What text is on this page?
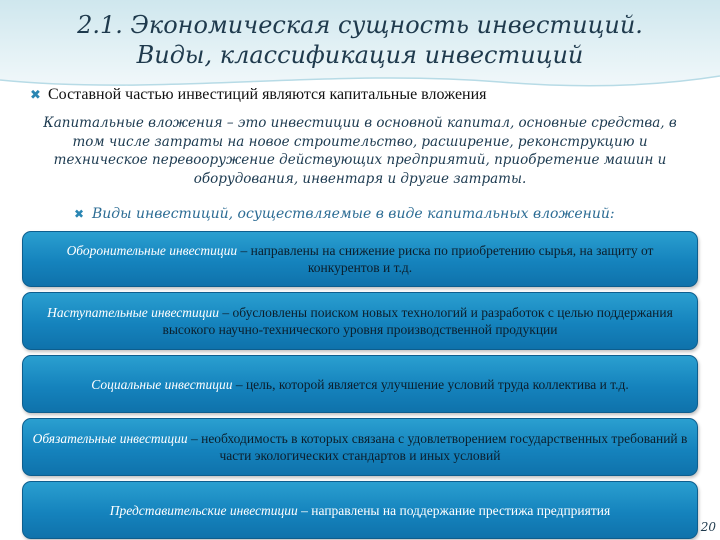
2.1. Экономическая сущность инвестиций.
Виды, классификация инвестиций
✖ Составной частью инвестиций являются капитальные вложения
Капитальные вложения – это инвестиции в основной капитал, основные средства, в том числе затраты на новое строительство, расширение, реконструкцию и техническое перевооружение действующих предприятий, приобретение машин и оборудования, инвентаря и другие затраты.
✖ Виды инвестиций, осуществляемые в виде капитальных вложений:
Оборонительные инвестиции – направлены на снижение риска по приобретению сырья, на защиту от конкурентов и т.д.
Наступательные инвестиции – обусловлены поиском новых технологий и разработок с целью поддержания высокого научно-технического уровня производственной продукции
Социальные инвестиции – цель, которой является улучшение условий труда коллектива и т.д.
Обязательные инвестиции – необходимость в которых связана с удовлетворением государственных требований в части экологических стандартов и иных условий
Представительские инвестиции – направлены на поддержание престижа предприятия
20
